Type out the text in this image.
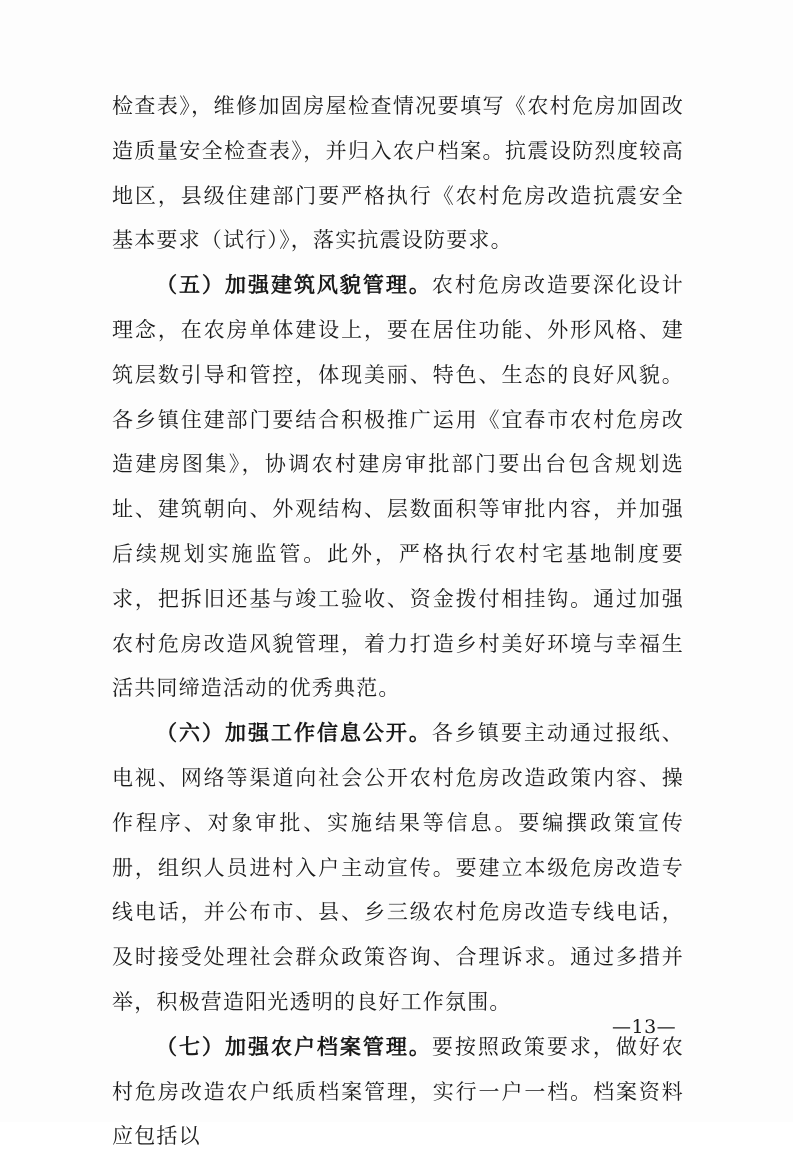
检查表》，维修加固房屋检查情况要填写《农村危房加固改造质量安全检查表》，并归入农户档案。抗震设防烈度较高地区，县级住建部门要严格执行《农村危房改造抗震安全基本要求（试行）》，落实抗震设防要求。

（五）加强建筑风貌管理。农村危房改造要深化设计理念，在农房单体建设上，要在居住功能、外形风格、建筑层数引导和管控，体现美丽、特色、生态的良好风貌。各乡镇住建部门要结合积极推广运用《宜春市农村危房改造建房图集》，协调农村建房审批部门要出台包含规划选址、建筑朝向、外观结构、层数面积等审批内容，并加强后续规划实施监管。此外，严格执行农村宅基地制度要求，把拆旧还基与竣工验收、资金拨付相挂钩。通过加强农村危房改造风貌管理，着力打造乡村美好环境与幸福生活共同缔造活动的优秀典范。

（六）加强工作信息公开。各乡镇要主动通过报纸、电视、网络等渠道向社会公开农村危房改造政策内容、操作程序、对象审批、实施结果等信息。要编撰政策宣传册，组织人员进村入户主动宣传。要建立本级危房改造专线电话，并公布市、县、乡三级农村危房改造专线电话，及时接受处理社会群众政策咨询、合理诉求。通过多措并举，积极营造阳光透明的良好工作氛围。

（七）加强农户档案管理。要按照政策要求，做好农村危房改造农户纸质档案管理，实行一户一档。档案资料应包括以

—13—
